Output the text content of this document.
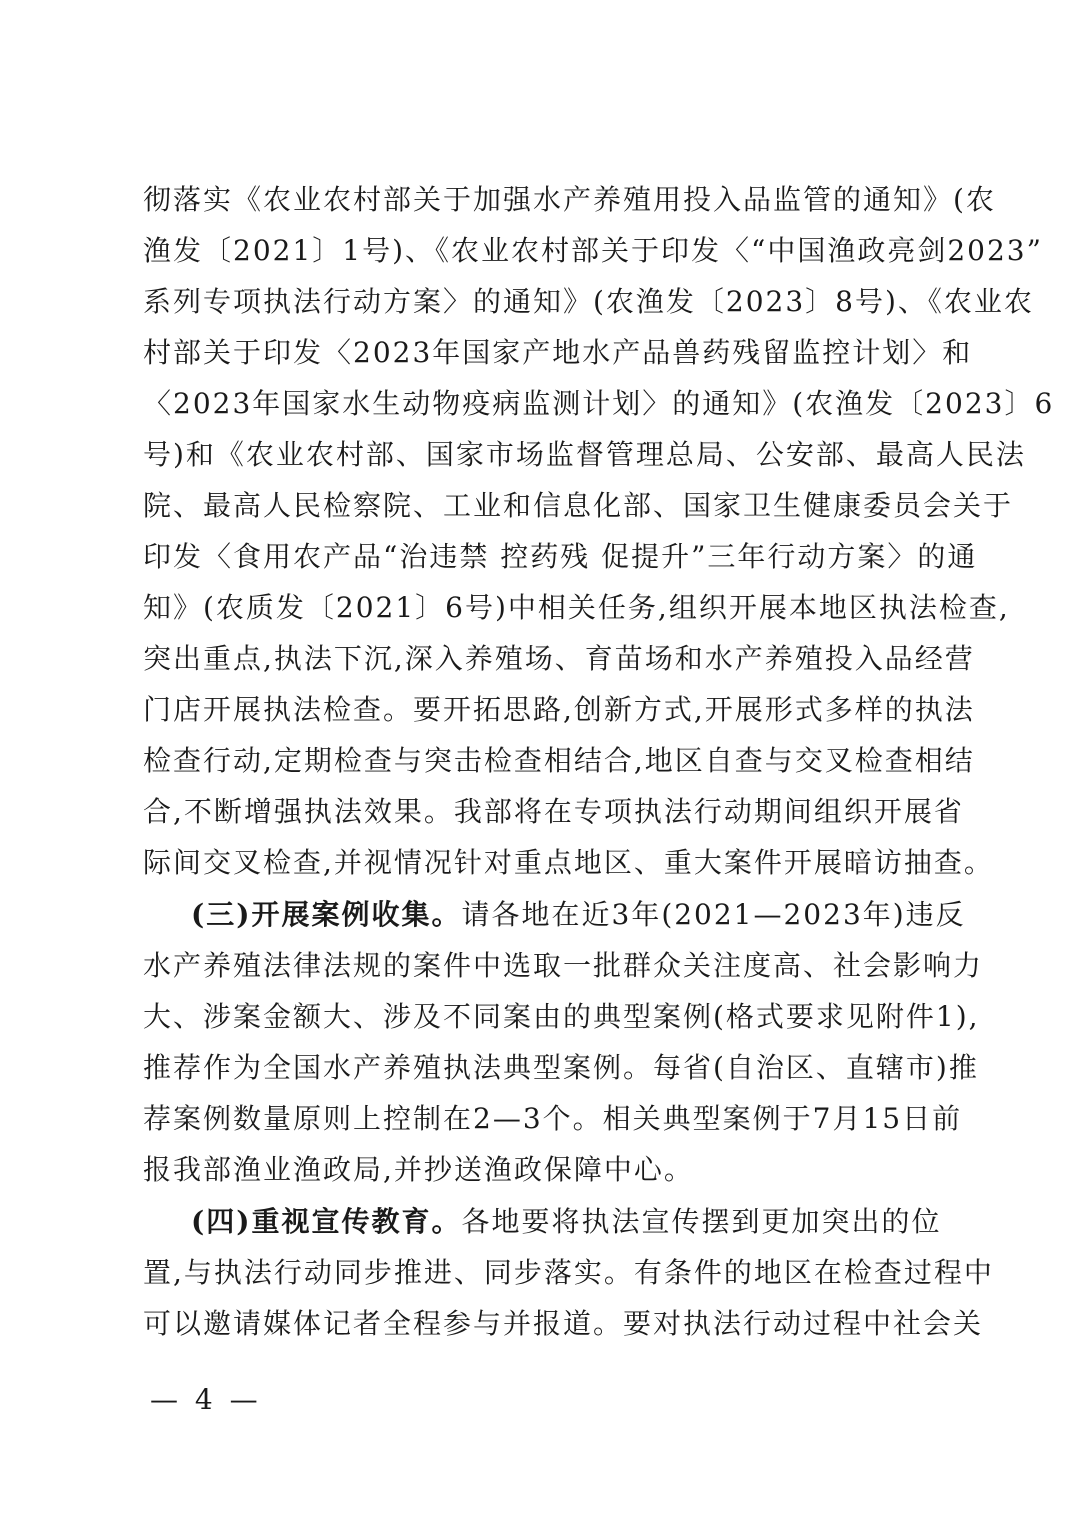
彻落实《农业农村部关于加强水产养殖用投入品监管的通知》(农
渔发〔2021〕1号)、《农业农村部关于印发〈“中国渔政亮剑2023”
系列专项执法行动方案〉的通知》(农渔发〔2023〕8号)、《农业农
村部关于印发〈2023年国家产地水产品兽药残留监控计划〉和
〈2023年国家水生动物疫病监测计划〉的通知》(农渔发〔2023〕6
号)和《农业农村部、国家市场监督管理总局、公安部、最高人民法
院、最高人民检察院、工业和信息化部、国家卫生健康委员会关于
印发〈食用农产品“治违禁 控药残 促提升”三年行动方案〉的通
知》(农质发〔2021〕6号)中相关任务,组织开展本地区执法检查,
突出重点,执法下沉,深入养殖场、育苗场和水产养殖投入品经营
门店开展执法检查。要开拓思路,创新方式,开展形式多样的执法
检查行动,定期检查与突击检查相结合,地区自查与交叉检查相结
合,不断增强执法效果。我部将在专项执法行动期间组织开展省
际间交叉检查,并视情况针对重点地区、重大案件开展暗访抽查。
(三)开展案例收集。请各地在近3年(2021—2023年)违反
水产养殖法律法规的案件中选取一批群众关注度高、社会影响力
大、涉案金额大、涉及不同案由的典型案例(格式要求见附件1),
推荐作为全国水产养殖执法典型案例。每省(自治区、直辖市)推
荐案例数量原则上控制在2—3个。相关典型案例于7月15日前
报我部渔业渔政局,并抄送渔政保障中心。
(四)重视宣传教育。各地要将执法宣传摆到更加突出的位
置,与执法行动同步推进、同步落实。有条件的地区在检查过程中
可以邀请媒体记者全程参与并报道。要对执法行动过程中社会关
— 4 —
